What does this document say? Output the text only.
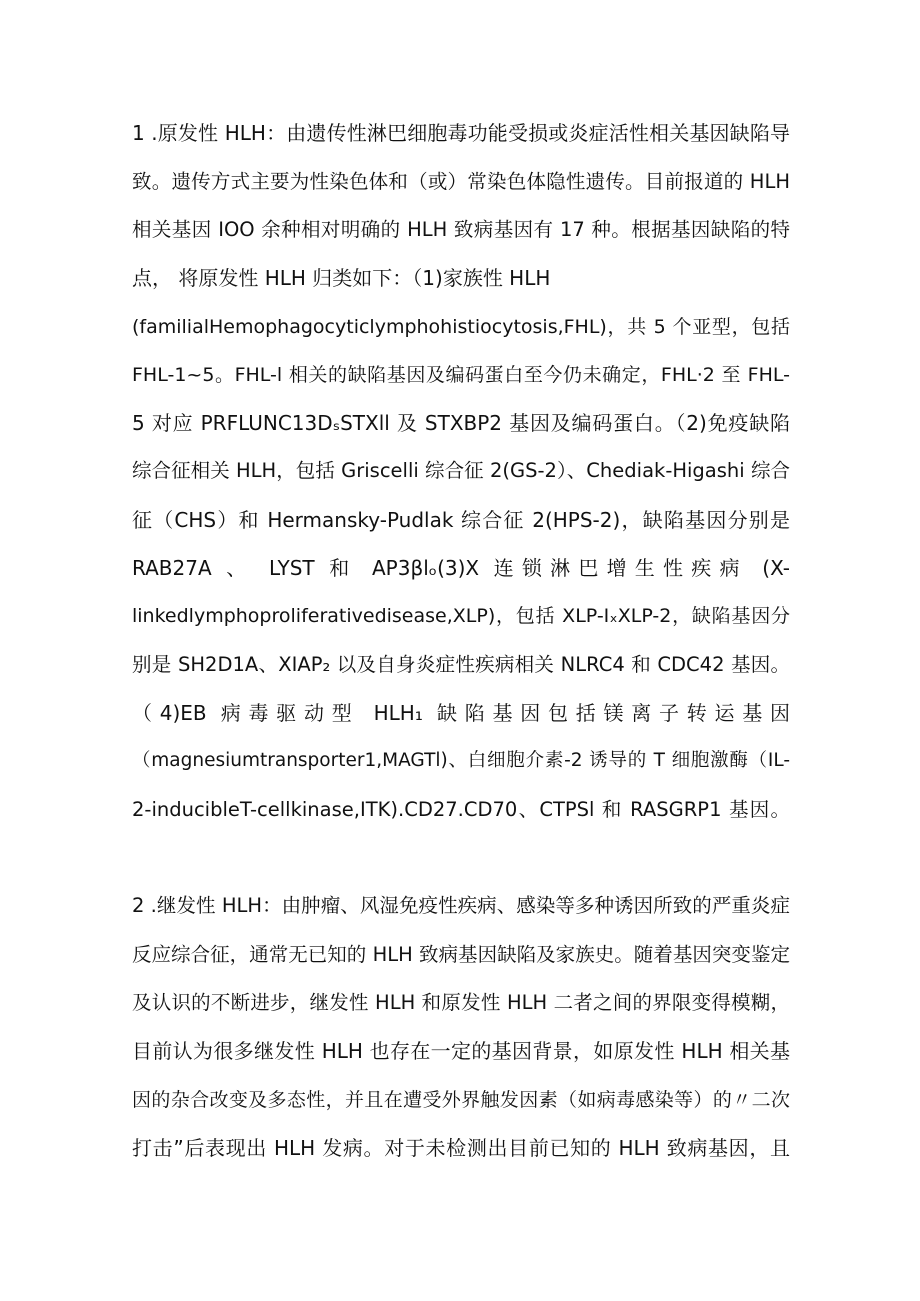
1 .原发性 HLH：由遗传性淋巴细胞毒功能受损或炎症活性相关基因缺陷导
致。遗传方式主要为性染色体和（或）常染色体隐性遗传。目前报道的 HLH
相关基因 IOO 余种相对明确的 HLH 致病基因有 17 种。根据基因缺陷的特
点， 将原发性 HLH 归类如下：（1)家族性 HLH
(familialHemophagocyticlymphohistiocytosis,FHL)，共 5 个亚型，包括
FHL-1~5。FHL-l 相关的缺陷基因及编码蛋白至今仍未确定，FHL·2 至 FHL-
5 对应 PRFLUNC13DₛSTXll 及 STXBP2 基因及编码蛋白。（2)免疫缺陷
综合征相关 HLH，包括 Griscelli 综合征 2(GS-2）、Chediak-Higashi 综合
征（CHS）和 Hermansky-Pudlak 综合征 2(HPS-2)，缺陷基因分别是
RAB27A 、 LYST 和 AP3βlₒ(3)X 连锁淋巴增生性疾病 (X-
linkedlymphoproliferativedisease,XLP)，包括 XLP-IₓXLP-2，缺陷基因分
别是 SH2D1A、XIAP₂ 以及自身炎症性疾病相关 NLRC4 和 CDC42 基因。
（4)EB 病毒驱动型 HLH₁ 缺陷基因包括镁离子转运基因
（magnesiumtransporter1,MAGTl)、白细胞介素-2 诱导的 T 细胞激酶（IL-
2-inducibleT-cellkinase,ITK).CD27.CD70、CTPSl 和 RASGRP1 基因。
2 .继发性 HLH：由肿瘤、风湿免疫性疾病、感染等多种诱因所致的严重炎症
反应综合征，通常无已知的 HLH 致病基因缺陷及家族史。随着基因突变鉴定
及认识的不断进步，继发性 HLH 和原发性 HLH 二者之间的界限变得模糊，
目前认为很多继发性 HLH 也存在一定的基因背景，如原发性 HLH 相关基
因的杂合改变及多态性，并且在遭受外界触发因素（如病毒感染等）的〃二次
打击”后表现出 HLH 发病。对于未检测出目前已知的 HLH 致病基因，且
